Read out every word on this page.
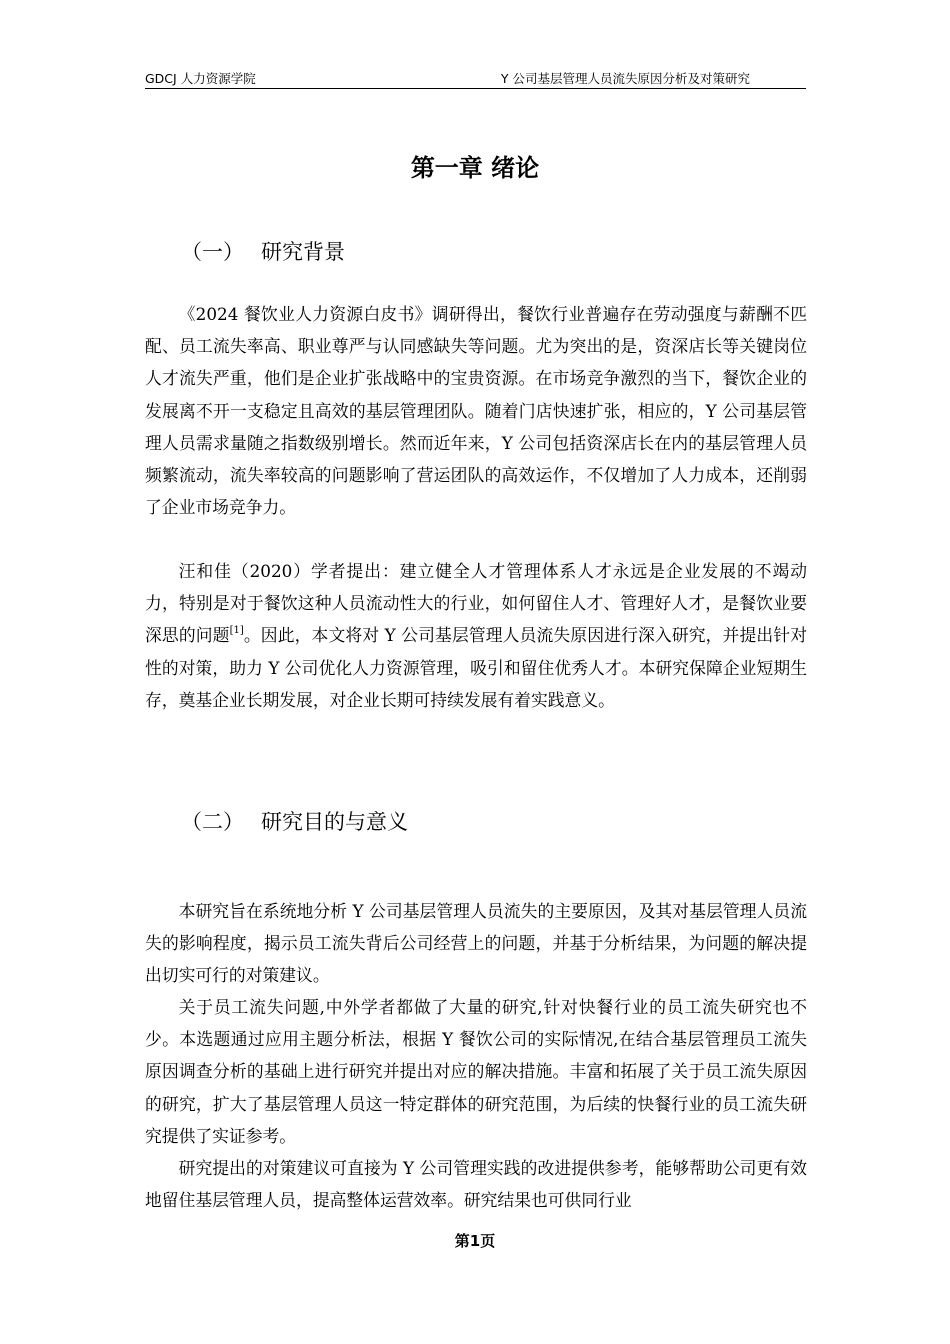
GDCJ 人力资源学院	Y 公司基层管理人员流失原因分析及对策研究
第一章 绪论
（一） 研究背景

《2024 餐饮业人力资源白皮书》调研得出，餐饮行业普遍存在劳动强度与薪酬不匹配、员工流失率高、职业尊严与认同感缺失等问题。尤为突出的是，资深店长等关键岗位人才流失严重，他们是企业扩张战略中的宝贵资源。在市场竞争激烈的当下，餐饮企业的发展离不开一支稳定且高效的基层管理团队。随着门店快速扩张，相应的，Y 公司基层管理人员需求量随之指数级别增长。然而近年来，Y 公司包括资深店长在内的基层管理人员频繁流动，流失率较高的问题影响了营运团队的高效运作，不仅增加了人力成本，还削弱了企业市场竞争力。

汪和佳（2020）学者提出：建立健全人才管理体系人才永远是企业发展的不竭动力，特别是对于餐饮这种人员流动性大的行业，如何留住人才、管理好人才，是餐饮业要深思的问题[1]。因此，本文将对 Y 公司基层管理人员流失原因进行深入研究，并提出针对性的对策，助力 Y 公司优化人力资源管理，吸引和留住优秀人才。本研究保障企业短期生存，奠基企业长期发展，对企业长期可持续发展有着实践意义。

（二） 研究目的与意义

本研究旨在系统地分析 Y 公司基层管理人员流失的主要原因，及其对基层管理人员流失的影响程度，揭示员工流失背后公司经营上的问题，并基于分析结果，为问题的解决提出切实可行的对策建议。

关于员工流失问题,中外学者都做了大量的研究,针对快餐行业的员工流失研究也不少。本选题通过应用主题分析法，根据 Y 餐饮公司的实际情况,在结合基层管理员工流失原因调查分析的基础上进行研究并提出对应的解决措施。丰富和拓展了关于员工流失原因的研究，扩大了基层管理人员这一特定群体的研究范围，为后续的快餐行业的员工流失研究提供了实证参考。

研究提出的对策建议可直接为 Y 公司管理实践的改进提供参考，能够帮助公司更有效地留住基层管理人员，提高整体运营效率。研究结果也可供同行业

第1页
